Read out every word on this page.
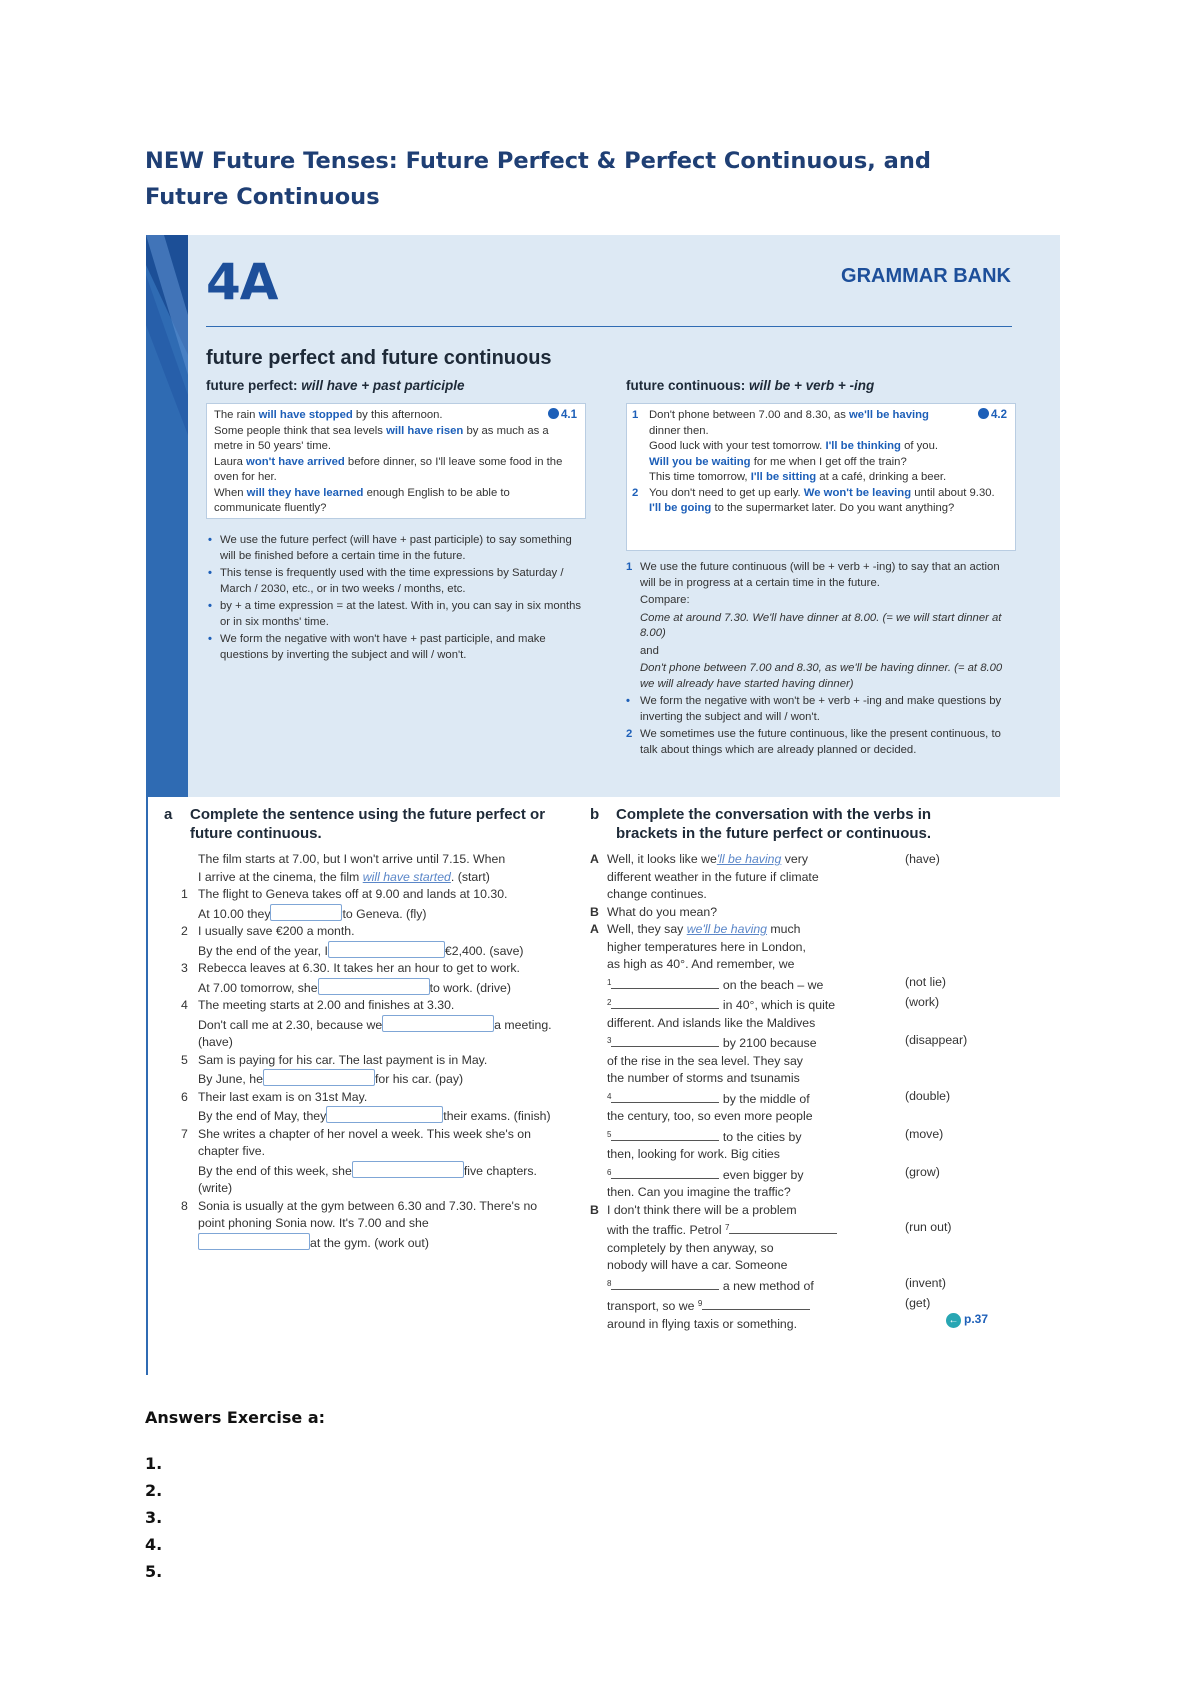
NEW Future Tenses: Future Perfect & Perfect Continuous, and Future Continuous
4A	GRAMMAR BANK
future perfect and future continuous

future perfect: will have + past participle	future continuous: will be + verb + -ing

4.1

The rain will have stopped by this afternoon.

Some people think that sea levels will have risen by as much as a metre in 50 years' time.

Laura won't have arrived before dinner, so I'll leave some food in the oven for her.

When will they have learned enough English to be able to communicate fluently?

• We use the future perfect (will have + past participle) to say something will be finished before a certain time in the future.

• This tense is frequently used with the time expressions by Saturday / March / 2030, etc., or in two weeks / months, etc.

• by + a time expression = at the latest. With in, you can say in six months or in six months' time.

• We form the negative with won't have + past participle, and make questions by inverting the subject and will / won't.

4.2

1 Don't phone between 7.00 and 8.30, as we'll be having dinner then.

Good luck with your test tomorrow. I'll be thinking of you.

Will you be waiting for me when I get off the train?

This time tomorrow, I'll be sitting at a café, drinking a beer.

2 You don't need to get up early. We won't be leaving until about 9.30.

I'll be going to the supermarket later. Do you want anything?

1 We use the future continuous (will be + verb + -ing) to say that an action will be in progress at a certain time in the future.

Compare:

Come at around 7.30. We'll have dinner at 8.00. (= we will start dinner at 8.00)

and

Don't phone between 7.00 and 8.30, as we'll be having dinner. (= at 8.00 we will already have started having dinner)

• We form the negative with won't be + verb + -ing and make questions by inverting the subject and will / won't.

2 We sometimes use the future continuous, like the present continuous, to talk about things which are already planned or decided.

a Complete the sentence using the future perfect or future continuous.

The film starts at 7.00, but I won't arrive until 7.15. When
I arrive at the cinema, the film will have started. (start)

1 The flight to Geneva takes off at 9.00 and lands at 10.30.
At 10.00 they	to Geneva. (fly)

2 I usually save €200 a month.
By the end of the year, I	€2,400. (save)

3 Rebecca leaves at 6.30. It takes her an hour to get to work.
At 7.00 tomorrow, she	to work. (drive)

4 The meeting starts at 2.00 and finishes at 3.30.
Don't call me at 2.30, because we	a meeting. (have)

5 Sam is paying for his car. The last payment is in May.
By June, he	for his car. (pay)

6 Their last exam is on 31st May.
By the end of May, they	their exams. (finish)

7 She writes a chapter of her novel a week. This week she's on chapter five.
By the end of this week, she	five chapters. (write)

8 Sonia is usually at the gym between 6.30 and 7.30. There's no point phoning Sonia now. It's 7.00 and she
at the gym. (work out)

b Complete the conversation with the verbs in brackets in the future perfect or continuous.

A Well, it looks like we'll be having very	(have)
different weather in the future if climate
change continues.
B What do you mean?
A Well, they say we'll be having much
higher temperatures here in London,
as high as 40°. And remember, we
$^1$	on the beach – we	(not lie)
$^2$	in 40°, which is quite	(work)
different. And islands like the Maldives
$^3$	by 2100 because	(disappear)
of the rise in the sea level. They say
the number of storms and tsunamis
$^4$	by the middle of	(double)
the century, too, so even more people
$^5$	to the cities by	(move)
then, looking for work. Big cities
$^6$	even bigger by	(grow)
then. Can you imagine the traffic?
B I don't think there will be a problem
with the traffic. Petrol $^7$	(run out)
completely by then anyway, so
nobody will have a car. Someone
$^8$	a new method of	(invent)
transport, so we $^9$	(get)
around in flying taxis or something.	← p.37

Answers Exercise a:

1.
2.
3.
4.
5.
